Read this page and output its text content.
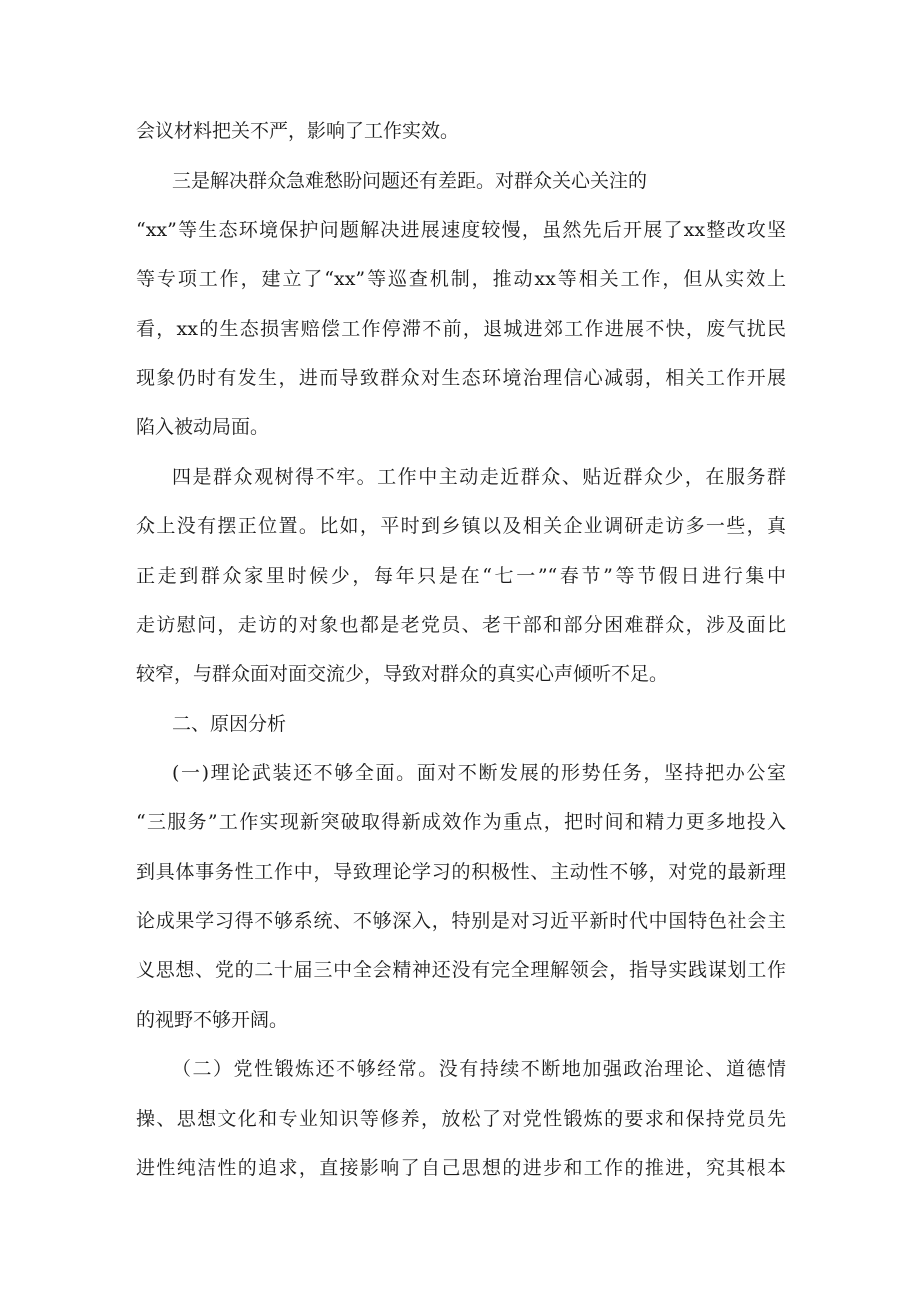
会议材料把关不严，影响了工作实效。
三是解决群众急难愁盼问题还有差距。对群众关心关注的
“xx”等生态环境保护问题解决进展速度较慢，虽然先后开展了xx整改攻坚
等专项工作，建立了“xx”等巡查机制，推动xx等相关工作，但从实效上
看，xx的生态损害赔偿工作停滞不前，退城进郊工作进展不快，废气扰民
现象仍时有发生，进而导致群众对生态环境治理信心减弱，相关工作开展
陷入被动局面。
四是群众观树得不牢。工作中主动走近群众、贴近群众少，在服务群
众上没有摆正位置。比如，平时到乡镇以及相关企业调研走访多一些，真
正走到群众家里时候少，每年只是在“七一”“春节”等节假日进行集中
走访慰问，走访的对象也都是老党员、老干部和部分困难群众，涉及面比
较窄，与群众面对面交流少，导致对群众的真实心声倾听不足。
二、原因分析
(一)理论武装还不够全面。面对不断发展的形势任务，坚持把办公室
“三服务”工作实现新突破取得新成效作为重点，把时间和精力更多地投入
到具体事务性工作中，导致理论学习的积极性、主动性不够，对党的最新理
论成果学习得不够系统、不够深入，特别是对习近平新时代中国特色社会主
义思想、党的二十届三中全会精神还没有完全理解领会，指导实践谋划工作
的视野不够开阔。
（二）党性锻炼还不够经常。没有持续不断地加强政治理论、道德情
操、思想文化和专业知识等修养，放松了对党性锻炼的要求和保持党员先
进性纯洁性的追求，直接影响了自己思想的进步和工作的推进，究其根本
